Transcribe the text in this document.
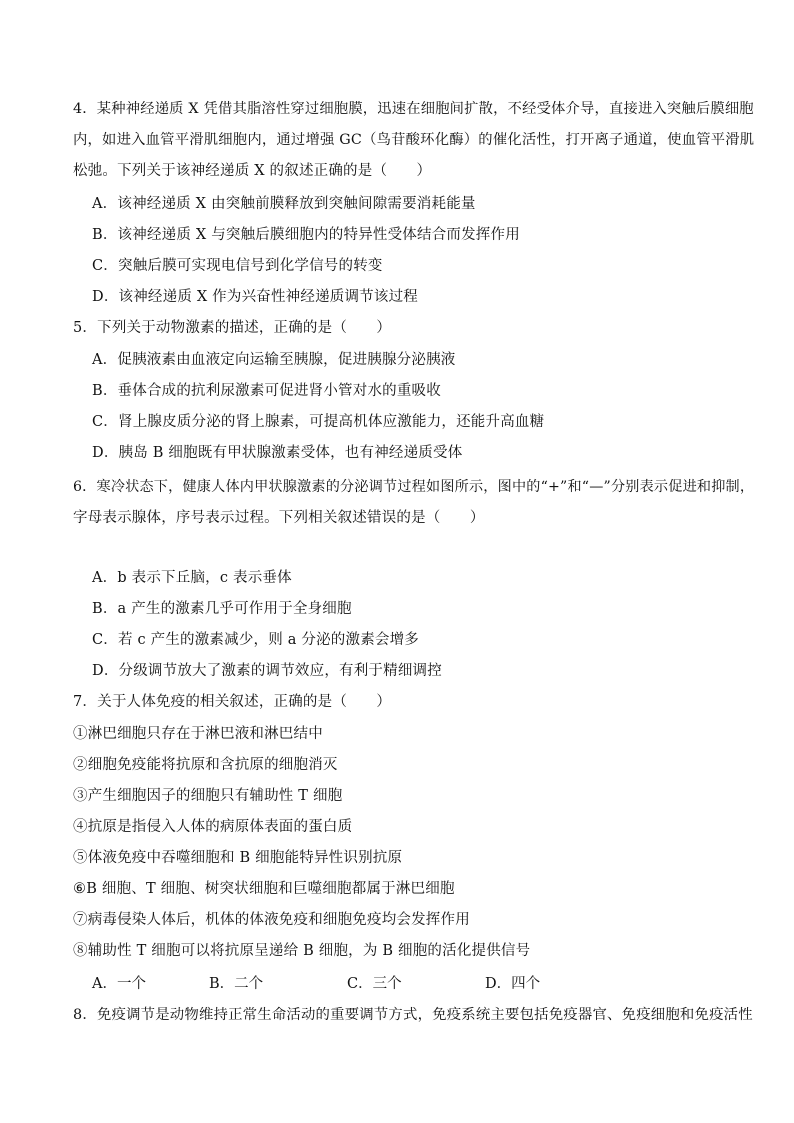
4．某种神经递质 X 凭借其脂溶性穿过细胞膜，迅速在细胞间扩散，不经受体介导，直接进入突触后膜细胞
内，如进入血管平滑肌细胞内，通过增强 GC（鸟苷酸环化酶）的催化活性，打开离子通道，使血管平滑肌
松弛。下列关于该神经递质 X 的叙述正确的是（　　）
A．该神经递质 X 由突触前膜释放到突触间隙需要消耗能量
B．该神经递质 X 与突触后膜细胞内的特异性受体结合而发挥作用
C．突触后膜可实现电信号到化学信号的转变
D．该神经递质 X 作为兴奋性神经递质调节该过程
5．下列关于动物激素的描述，正确的是（　　）
A．促胰液素由血液定向运输至胰腺，促进胰腺分泌胰液
B．垂体合成的抗利尿激素可促进肾小管对水的重吸收
C．肾上腺皮质分泌的肾上腺素，可提高机体应激能力，还能升高血糖
D．胰岛 B 细胞既有甲状腺激素受体，也有神经递质受体
6．寒冷状态下，健康人体内甲状腺激素的分泌调节过程如图所示，图中的“+”和“—”分别表示促进和抑制，
字母表示腺体，序号表示过程。下列相关叙述错误的是（　　）
A．b 表示下丘脑，c 表示垂体
B．a 产生的激素几乎可作用于全身细胞
C．若 c 产生的激素减少，则 a 分泌的激素会增多
D．分级调节放大了激素的调节效应，有利于精细调控
7．关于人体免疫的相关叙述，正确的是（　　）
①淋巴细胞只存在于淋巴液和淋巴结中
②细胞免疫能将抗原和含抗原的细胞消灭
③产生细胞因子的细胞只有辅助性 T 细胞
④抗原是指侵入人体的病原体表面的蛋白质
⑤体液免疫中吞噬细胞和 B 细胞能特异性识别抗原
⑥B 细胞、T 细胞、树突状细胞和巨噬细胞都属于淋巴细胞
⑦病毒侵染人体后，机体的体液免疫和细胞免疫均会发挥作用
⑧辅助性 T 细胞可以将抗原呈递给 B 细胞，为 B 细胞的活化提供信号
A．一个	B．二个	C．三个	D．四个
8．免疫调节是动物维持正常生命活动的重要调节方式，免疫系统主要包括免疫器官、免疫细胞和免疫活性
